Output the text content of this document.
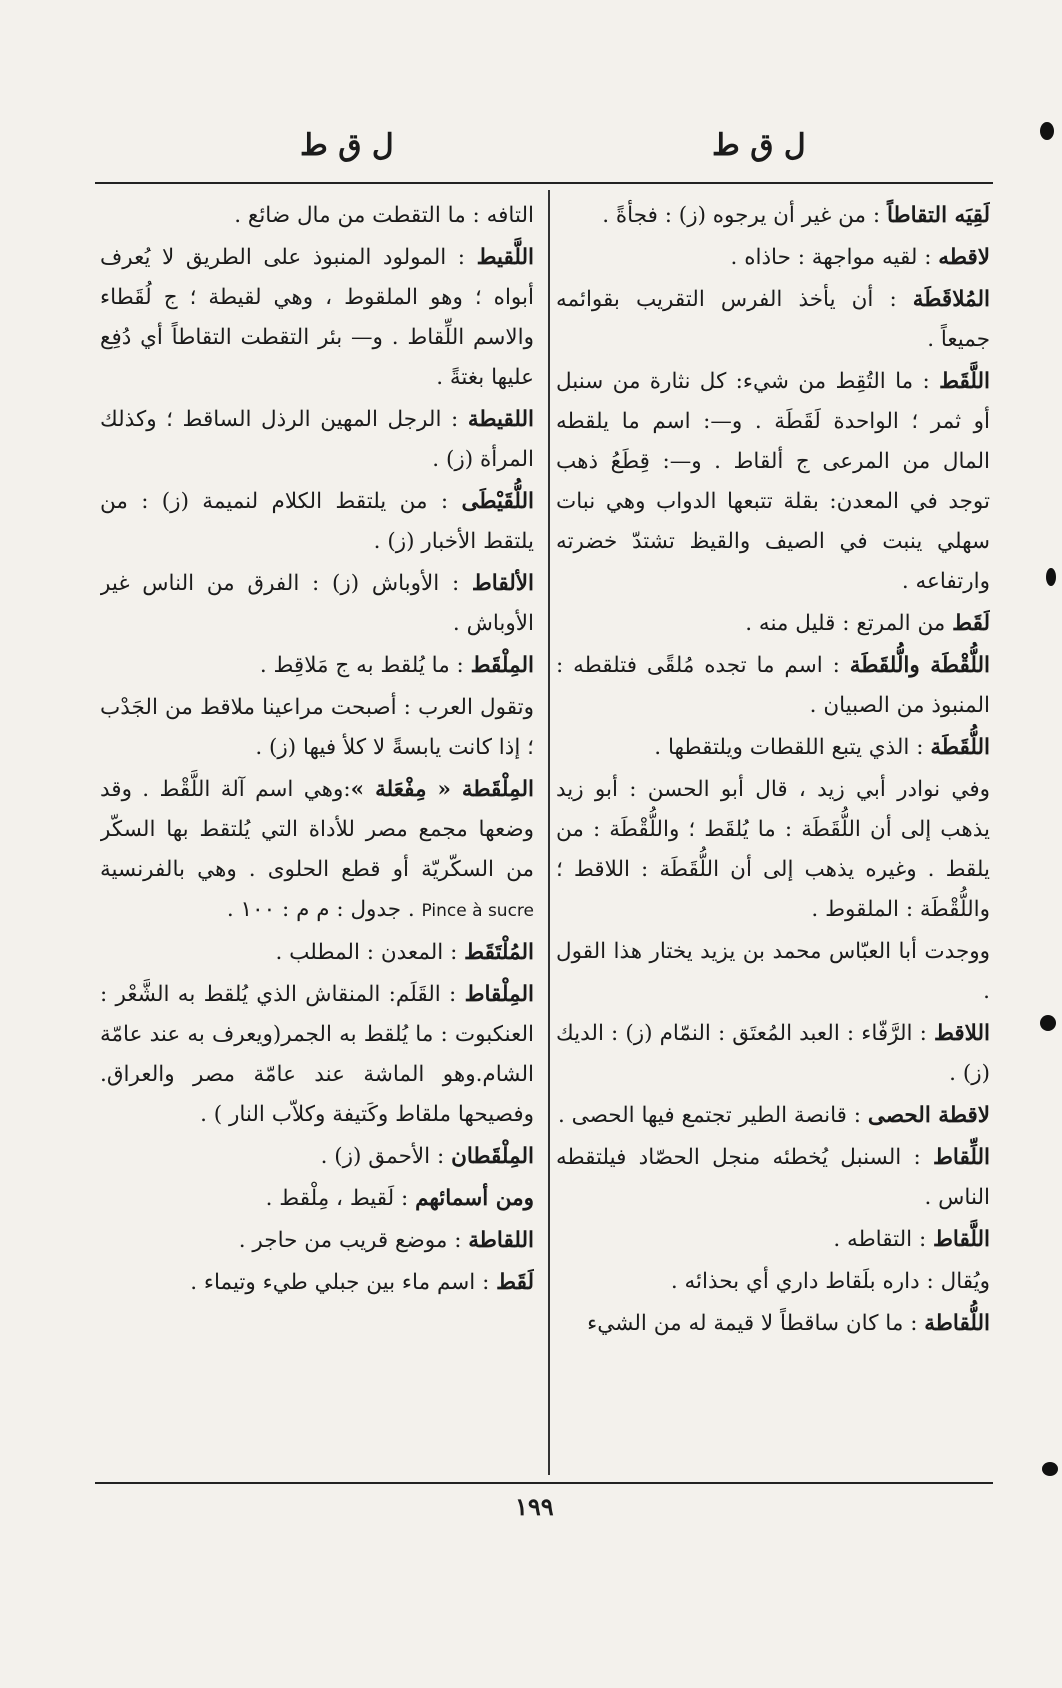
ل ق ط	ل ق ط

لَقِيَه التقاطاً : من غير أن يرجوه (ز) : فجأةً .

لاقطه : لقيه مواجهة : حاذاه .

المُلاقَطَة : أن يأخذ الفرس التقريب بقوائمه جميعاً .

اللَّقَط : ما التُقِط من شيء: كل نثارة من سنبل أو ثمر ؛ الواحدة لَقَطَة . و—: اسم ما يلقطه المال من المرعى ج ألقاط . و—: قِطَعُ ذهب توجد في المعدن: بقلة تتبعها الدواب وهي نبات سهلي ينبت في الصيف والقيظ تشتدّ خضرته وارتفاعه .

لَقَط من المرتع : قليل منه .

اللُّقْطَة والُّلقَطَة : اسم ما تجده مُلقًى فتلقطه : المنبوذ من الصبيان .

اللُّقَطَة : الذي يتبع اللقطات ويلتقطها .

وفي نوادر أبي زيد ، قال أبو الحسن : أبو زيد يذهب إلى أن اللُّقَطَة : ما يُلقَط ؛ واللُّقْطَة : من يلقط . وغيره يذهب إلى أن اللُّقَطَة : اللاقط ؛ واللُّقْطَة : الملقوط .

ووجدت أبا العبّاس محمد بن يزيد يختار هذا القول .

اللاقط : الرَّفّاء : العبد المُعتَق : النمّام (ز) : الديك (ز) .

لاقطة الحصى : قانصة الطير تجتمع فيها الحصى .

اللِّقاط : السنبل يُخطئه منجل الحصّاد فيلتقطه الناس .

اللَّقاط : التقاطه .

ويُقال : داره بلَقاط داري أي بحذائه .

اللُّقاطة : ما كان ساقطاً لا قيمة له من الشيء

التافه : ما التقطت من مال ضائع .

اللَّقيط : المولود المنبوذ على الطريق لا يُعرف أبواه ؛ وهو الملقوط ، وهي لقيطة ؛ ج لُقَطاء والاسم اللِّقاط . و— بئر التقطت التقاطاً أي دُفِع عليها بغتةً .

اللقيطة : الرجل المهين الرذل الساقط ؛ وكذلك المرأة (ز) .

اللُّقَيْطَى : من يلتقط الكلام لنميمة (ز) : من يلتقط الأخبار (ز) .

الألقاط : الأوباش (ز) : الفرق من الناس غير الأوباش .

المِلْقَط : ما يُلقط به ج مَلاقِط .

وتقول العرب : أصبحت مراعينا ملاقط من الجَدْب ؛ إذا كانت يابسةً لا كلأ فيها (ز) .

المِلْقَطة « مِفْعَلة »:وهي اسم آلة اللَّقْط . وقد وضعها مجمع مصر للأداة التي يُلتقط بها السكّر من السكّريّة أو قطع الحلوى . وهي بالفرنسية Pince à sucre . جدول : م م : ١٠٠ .

المُلْتَقَط : المعدن : المطلب .

المِلْقاط : القَلَم: المنقاش الذي يُلقط به الشَّعْر : العنكبوت : ما يُلقط به الجمر(ويعرف به عند عامّة الشام.وهو الماشة عند عامّة مصر والعراق. وفصيحها ملقاط وكَتيفة وكلاّب النار ) .

المِلْقَطان : الأحمق (ز) .

ومن أسمائهم : لَقيط ، مِلْقط .

اللقاطة : موضع قريب من حاجر .

لَقَط : اسم ماء بين جبلي طيء وتيماء .

١٩٩
